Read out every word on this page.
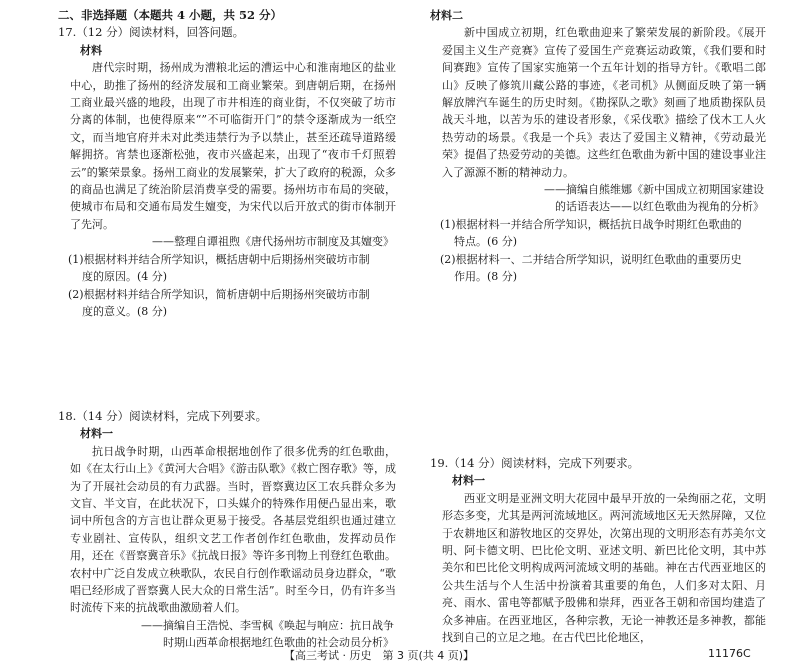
二、非选择题（本题共 4 小题，共 52 分）

17.（12 分）阅读材料，回答问题。

材料

唐代宗时期，扬州成为漕粮北运的漕运中心和淮南地区的盐业中心，助推了扬州的经济发展和工商业繁荣。到唐朝后期，在扬州工商业最兴盛的地段，出现了市井相连的商业街，不仅突破了坊市分离的体制，也使得原来“”不可临街开门”的禁令逐渐成为一纸空文，而当地官府并未对此类违禁行为予以禁止，甚至还疏导道路缓解拥挤。宵禁也逐渐松弛，夜市兴盛起来，出现了“夜市千灯照碧云”的繁荣景象。扬州工商业的发展繁荣，扩大了政府的税源，众多的商品也满足了统治阶层消费享受的需要。扬州坊市布局的突破，使城市布局和交通布局发生嬗变，为宋代以后开放式的街市体制开了先河。

——整理自谭祖煦《唐代扬州坊市制度及其嬗变》

(1)根据材料并结合所学知识，概括唐朝中后期扬州突破坊市制
度的原因。(4 分)

(2)根据材料并结合所学知识，简析唐朝中后期扬州突破坊市制
度的意义。(8 分)

材料二

新中国成立初期，红色歌曲迎来了繁荣发展的新阶段。《展开爱国主义生产竞赛》宣传了爱国生产竞赛运动政策，《我们要和时间赛跑》宣传了国家实施第一个五年计划的指导方针。《歌唱二郎山》反映了修筑川藏公路的事迹，《老司机》从侧面反映了第一辆解放牌汽车诞生的历史时刻。《勘探队之歌》刻画了地质勘探队员战天斗地，以苦为乐的建设者形象，《采伐歌》描绘了伐木工人火热劳动的场景。《我是一个兵》表达了爱国主义精神，《劳动最光荣》提倡了热爱劳动的美德。这些红色歌曲为新中国的建设事业注入了源源不断的精神动力。

——摘编自熊维娜《新中国成立初期国家建设

的话语表达——以红色歌曲为视角的分析》

(1)根据材料一并结合所学知识，概括抗日战争时期红色歌曲的
特点。(6 分)

(2)根据材料一、二并结合所学知识，说明红色歌曲的重要历史
作用。(8 分)

18.（14 分）阅读材料，完成下列要求。

材料一

抗日战争时期，山西革命根据地创作了很多优秀的红色歌曲，如《在太行山上》《黄河大合唱》《游击队歌》《救亡图存歌》等，成为了开展社会动员的有力武器。当时，晋察冀边区工农兵群众多为文盲、半文盲，在此状况下，口头媒介的特殊作用便凸显出来，歌词中所包含的方言也让群众更易于接受。各基层党组织也通过建立专业剧社、宣传队，组织文艺工作者创作红色歌曲，发挥动员作用，还在《晋察冀音乐》《抗战日报》等许多刊物上刊登红色歌曲。农村中广泛自发成立秧歌队，农民自行创作歌谣动员身边群众，“歌唱已经形成了晋察冀人民大众的日常生活”。时至今日，仍有许多当时流传下来的抗战歌曲激励着人们。

——摘编自王浩悦、李雪枫《唤起与响应：抗日战争

时期山西革命根据地红色歌曲的社会动员分析》

19.（14 分）阅读材料，完成下列要求。

材料一

西亚文明是亚洲文明大花园中最早开放的一朵绚丽之花，文明形态多变，尤其是两河流域地区。两河流域地区无天然屏障，又位于农耕地区和游牧地区的交界处，次第出现的文明形态有苏美尔文明、阿卡德文明、巴比伦文明、亚述文明、新巴比伦文明，其中苏美尔和巴比伦文明构成两河流域文明的基础。神在古代西亚地区的公共生活与个人生活中扮演着其重要的角色，人们多对太阳、月亮、雨水、雷电等都赋予殷佛和崇拜，西亚各王朝和帝国均建造了众多神庙。在西亚地区，各种宗教，无论一神教还是多神教，都能找到自己的立足之地。在古代巴比伦地区，

【高三考试 · 历史　第 3 页(共 4 页)】	11176C
